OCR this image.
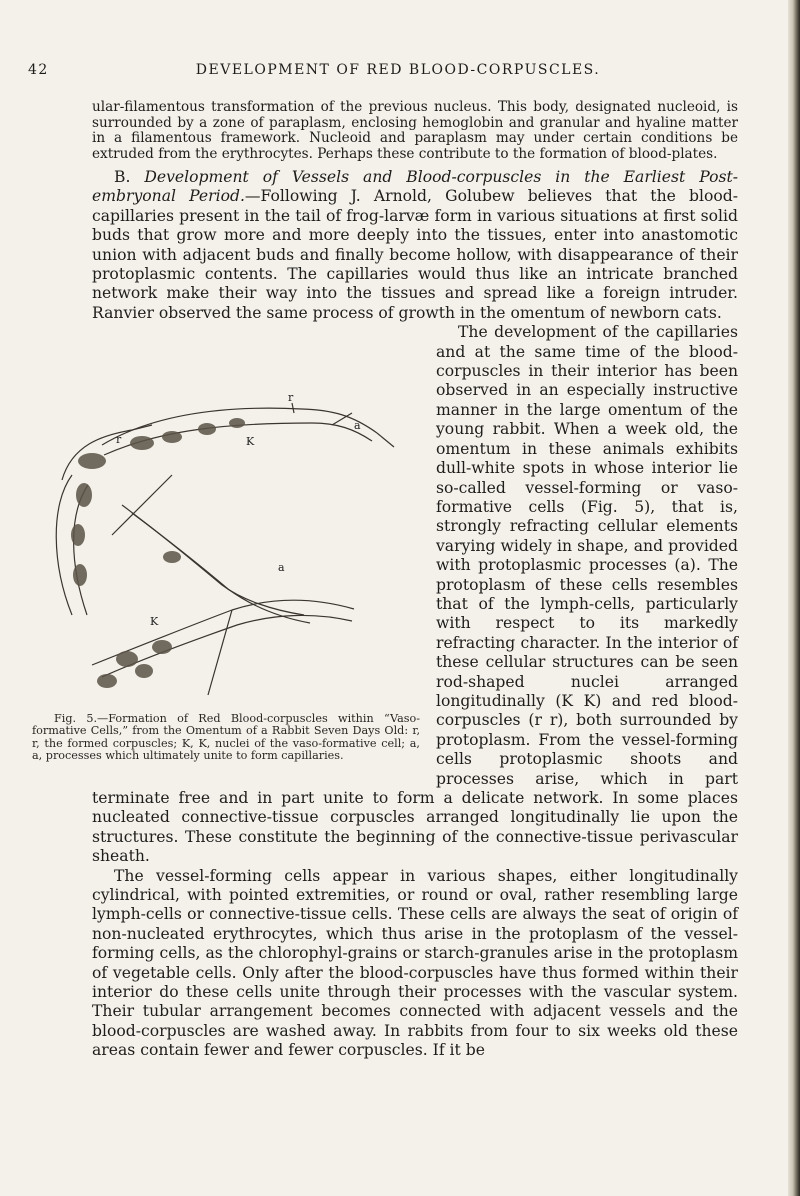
42	DEVELOPMENT OF RED BLOOD-CORPUSCLES.

ular-filamentous transformation of the previous nucleus. This body, designated nucleoid, is surrounded by a zone of paraplasm, enclosing hemoglobin and granular and hyaline matter in a filamentous framework. Nucleoid and paraplasm may under certain conditions be extruded from the erythrocytes. Perhaps these contribute to the formation of blood-plates.

B. Development of Vessels and Blood-corpuscles in the Earliest Post-embryonal Period.—Following J. Arnold, Golubew believes that the blood-capillaries present in the tail of frog-larvæ form in various situations at first solid buds that grow more and more deeply into the tissues, enter into anastomotic union with adjacent buds and finally become hollow, with disappearance of their protoplasmic contents. The capillaries would thus like an intricate branched network make their way into the tissues and spread like a foreign intruder. Ranvier observed the same process of growth in the omentum of newborn cats.

r
a
r	K
a
K
Fig. 5.—Formation of Red Blood-corpuscles within “Vaso-formative Cells,” from the Omentum of a Rabbit Seven Days Old: r, r, the formed corpuscles; K, K, nuclei of the vaso-formative cell; a, a, processes which ultimately unite to form capillaries.
The development of the capillaries and at the same time of the blood-corpuscles in their interior has been observed in an especially instructive manner in the large omentum of the young rabbit. When a week old, the omentum in these animals exhibits dull-white spots in whose interior lie so-called vessel-forming or vaso-formative cells (Fig. 5), that is, strongly refracting cellular elements varying widely in shape, and provided with protoplasmic processes (a). The protoplasm of these cells resembles that of the lymph-cells, particularly with respect to its markedly refracting character. In the interior of these cellular structures can be seen rod-shaped nuclei arranged longitudinally (K K) and red blood-corpuscles (r r), both surrounded by protoplasm. From the vessel-forming cells protoplasmic shoots and processes arise, which in part terminate free and in part unite to form a delicate network. In some places nucleated connective-tissue corpuscles arranged longitudinally lie upon the structures. These constitute the beginning of the connective-tissue perivascular sheath.

The vessel-forming cells appear in various shapes, either longitudinally cylindrical, with pointed extremities, or round or oval, rather resembling large lymph-cells or connective-tissue cells. These cells are always the seat of origin of non-nucleated erythrocytes, which thus arise in the protoplasm of the vessel-forming cells, as the chlorophyl-grains or starch-granules arise in the protoplasm of vegetable cells. Only after the blood-corpuscles have thus formed within their interior do these cells unite through their processes with the vascular system. Their tubular arrangement becomes connected with adjacent vessels and the blood-corpuscles are washed away. In rabbits from four to six weeks old these areas contain fewer and fewer corpuscles. If it be
